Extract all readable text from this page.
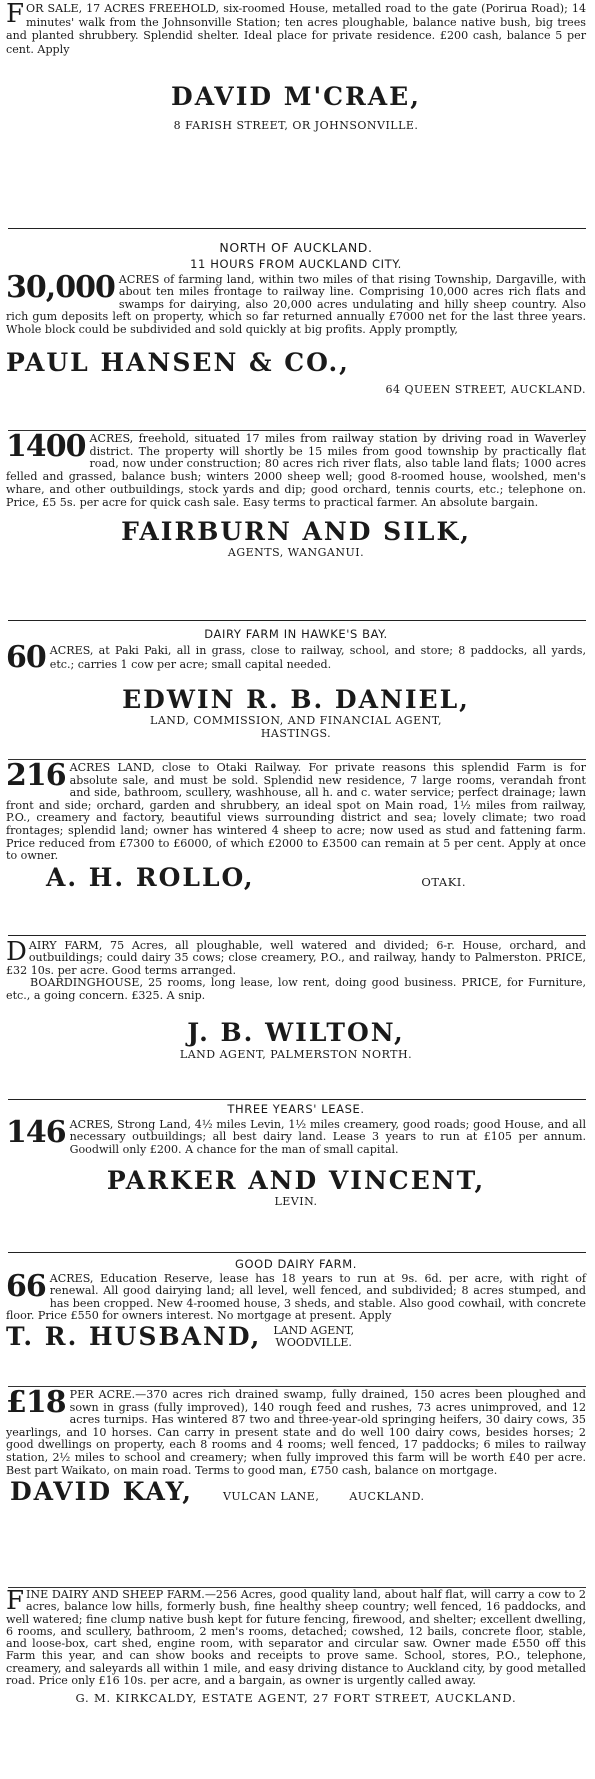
FOR SALE, 17 ACRES FREEHOLD, six-roomed House, metalled road to the gate (Porirua Road); 14 minutes' walk from the Johnsonville Station; ten acres ploughable, balance native bush, big trees and planted shrubbery. Splendid shelter. Ideal place for private residence. £200 cash, balance 5 per cent. Apply

DAVID M'CRAE,

8 FARISH STREET, OR JOHNSONVILLE.

NORTH OF AUCKLAND.

11 HOURS FROM AUCKLAND CITY.

30,000 ACRES of farming land, within two miles of that rising Township, Dargaville, with about ten miles frontage to railway line. Comprising 10,000 acres rich flats and swamps for dairying, also 20,000 acres undulating and hilly sheep country. Also rich gum deposits left on property, which so far returned annually £7000 net for the last three years. Whole block could be subdivided and sold quickly at big profits. Apply promptly,

PAUL HANSEN & CO.,

64 QUEEN STREET, AUCKLAND.

1400 ACRES, freehold, situated 17 miles from railway station by driving road in Waverley district. The property will shortly be 15 miles from good township by practically flat road, now under construction; 80 acres rich river flats, also table land flats; 1000 acres felled and grassed, balance bush; winters 2000 sheep well; good 8-roomed house, woolshed, men's whare, and other outbuildings, stock yards and dip; good orchard, tennis courts, etc.; telephone on. Price, £5 5s. per acre for quick cash sale. Easy terms to practical farmer. An absolute bargain.

FAIRBURN AND SILK,

AGENTS, WANGANUI.

DAIRY FARM IN HAWKE'S BAY.

60 ACRES, at Paki Paki, all in grass, close to railway, school, and store; 8 paddocks, all yards, etc.; carries 1 cow per acre; small capital needed.

EDWIN R. B. DANIEL,

LAND, COMMISSION, AND FINANCIAL AGENT,

HASTINGS.

216 ACRES LAND, close to Otaki Railway. For private reasons this splendid Farm is for absolute sale, and must be sold. Splendid new residence, 7 large rooms, verandah front and side, bathroom, scullery, washhouse, all h. and c. water service; perfect drainage; lawn front and side; orchard, garden and shrubbery, an ideal spot on Main road, 1½ miles from railway, P.O., creamery and factory, beautiful views surrounding district and sea; lovely climate; two road frontages; splendid land; owner has wintered 4 sheep to acre; now used as stud and fattening farm. Price reduced from £7300 to £6000, of which £2000 to £3500 can remain at 5 per cent. Apply at once to owner.

A. H. ROLLO,	OTAKI.

DAIRY FARM, 75 Acres, all ploughable, well watered and divided; 6-r. House, orchard, and outbuildings; could dairy 35 cows; close creamery, P.O., and railway, handy to Palmerston. PRICE, £32 10s. per acre. Good terms arranged.

BOARDINGHOUSE, 25 rooms, long lease, low rent, doing good business. PRICE, for Furniture, etc., a going concern. £325. A snip.

J. B. WILTON,

LAND AGENT, PALMERSTON NORTH.

THREE YEARS' LEASE.

146 ACRES, Strong Land, 4½ miles Levin, 1½ miles creamery, good roads; good House, and all necessary outbuildings; all best dairy land. Lease 3 years to run at £105 per annum. Goodwill only £200. A chance for the man of small capital.

PARKER AND VINCENT,

LEVIN.

GOOD DAIRY FARM.

66 ACRES, Education Reserve, lease has 18 years to run at 9s. 6d. per acre, with right of renewal. All good dairying land; all level, well fenced, and subdivided; 8 acres stumped, and has been cropped. New 4-roomed house, 3 sheds, and stable. Also good cowhail, with concrete floor. Price £550 for owners interest. No mortgage at present. Apply

T. R. HUSBAND, LAND AGENT,
WOODVILLE.

£18 PER ACRE.—370 acres rich drained swamp, fully drained, 150 acres been ploughed and sown in grass (fully improved), 140 rough feed and rushes, 73 acres unimproved, and 12 acres turnips. Has wintered 87 two and three-year-old springing heifers, 30 dairy cows, 35 yearlings, and 10 horses. Can carry in present state and do well 100 dairy cows, besides horses; 2 good dwellings on property, each 8 rooms and 4 rooms; well fenced, 17 paddocks; 6 miles to railway station, 2½ miles to school and creamery; when fully improved this farm will be worth £40 per acre. Best part Waikato, on main road. Terms to good man, £750 cash, balance on mortgage.

DAVID KAY,	VULCAN LANE,	AUCKLAND.

FINE DAIRY AND SHEEP FARM.—256 Acres, good quality land, about half flat, will carry a cow to 2 acres, balance low hills, formerly bush, fine healthy sheep country; well fenced, 16 paddocks, and well watered; fine clump native bush kept for future fencing, firewood, and shelter; excellent dwelling, 6 rooms, and scullery, bathroom, 2 men's rooms, detached; cowshed, 12 bails, concrete floor, stable, and loose-box, cart shed, engine room, with separator and circular saw. Owner made £550 off this Farm this year, and can show books and receipts to prove same. School, stores, P.O., telephone, creamery, and saleyards all within 1 mile, and easy driving distance to Auckland city, by good metalled road. Price only £16 10s. per acre, and a bargain, as owner is urgently called away.

G. M. KIRKCALDY, ESTATE AGENT, 27 FORT STREET, AUCKLAND.
